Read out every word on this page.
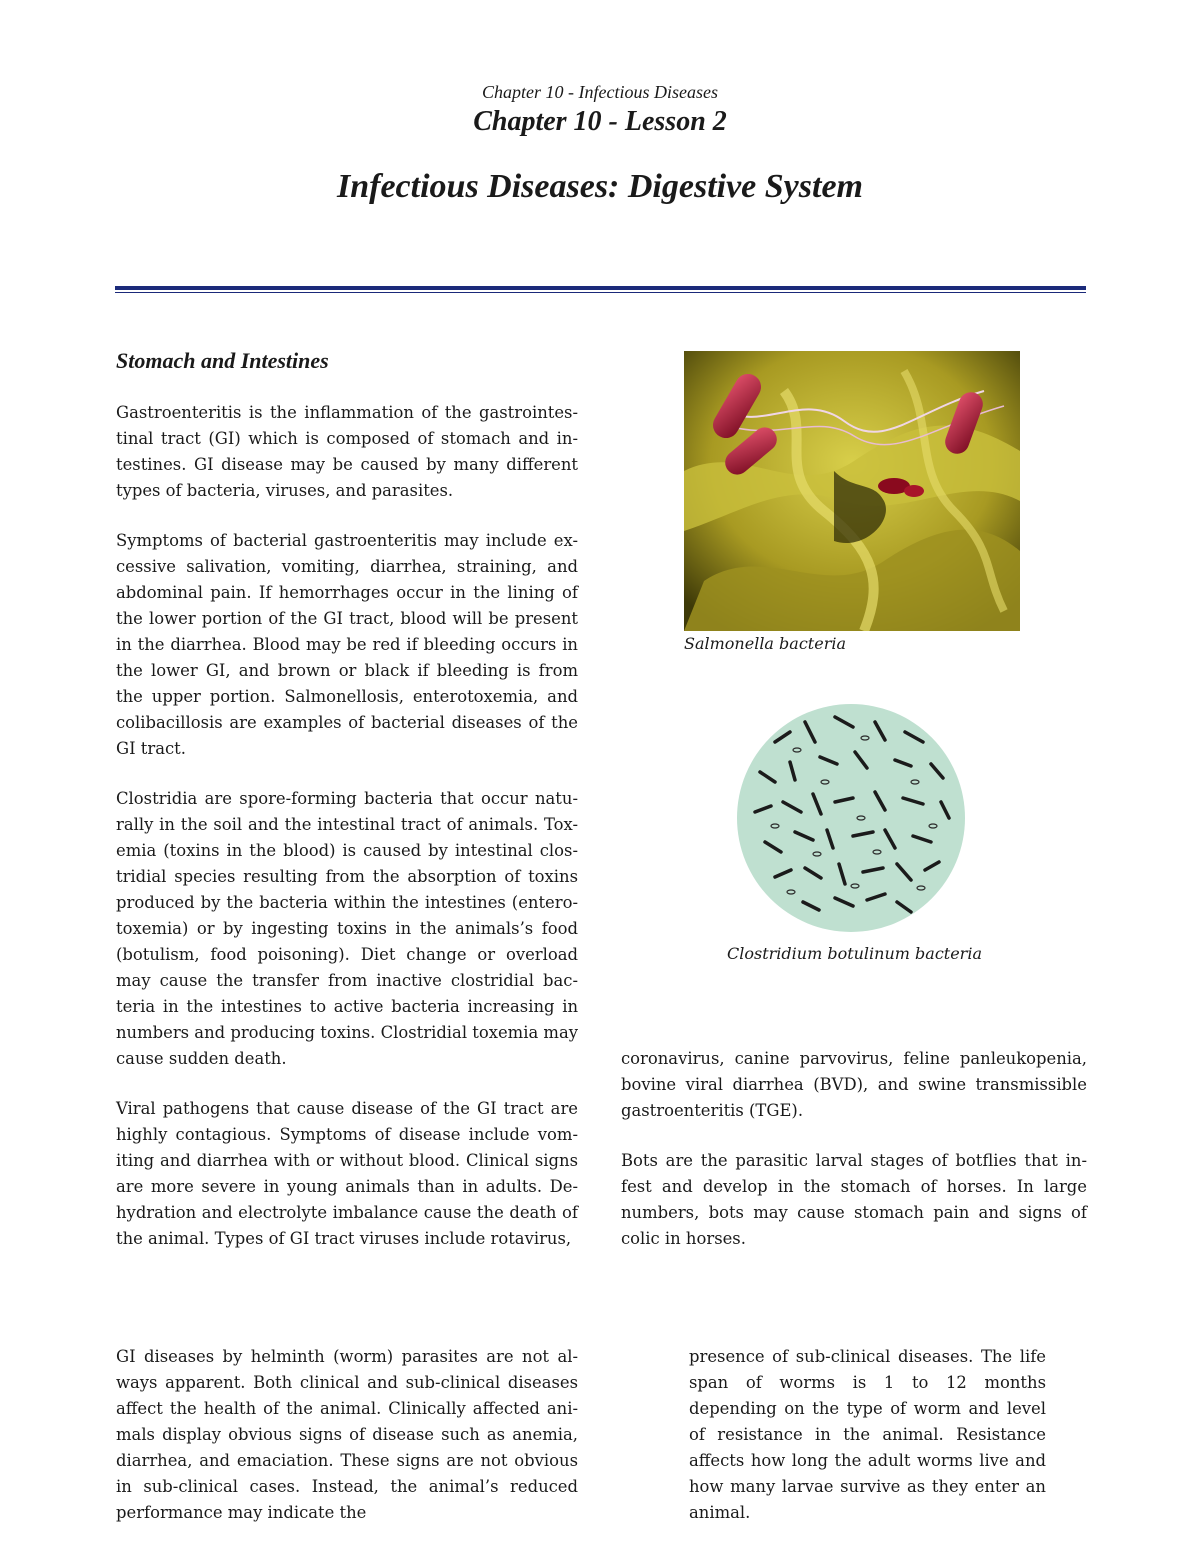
Chapter 10 - Infectious Diseases
Chapter 10 - Lesson 2
Infectious Diseases: Digestive System
Stomach and Intestines

Gastroenteritis is the inflammation of the gastrointes-tinal tract (GI) which is composed of stomach and in-testines. GI disease may be caused by many different types of bacteria, viruses, and parasites.

Symptoms of bacterial gastroenteritis may include ex-cessive salivation, vomiting, diarrhea, straining, and abdominal pain. If hemorrhages occur in the lining of the lower portion of the GI tract, blood will be present in the diarrhea. Blood may be red if bleeding occurs in the lower GI, and brown or black if bleeding is from the upper portion. Salmonellosis, enterotoxemia, and colibacillosis are examples of bacterial diseases of the GI tract.

Clostridia are spore-forming bacteria that occur natu-rally in the soil and the intestinal tract of animals. Tox-emia (toxins in the blood) is caused by intestinal clos-tridial species resulting from the absorption of toxins produced by the bacteria within the intestines (entero-toxemia) or by ingesting toxins in the animals’s food (botulism, food poisoning). Diet change or overload may cause the transfer from inactive clostridial bac-teria in the intestines to active bacteria increasing in numbers and producing toxins. Clostridial toxemia may cause sudden death.

Viral pathogens that cause disease of the GI tract are highly contagious. Symptoms of disease include vom-iting and diarrhea with or without blood. Clinical signs are more severe in young animals than in adults. De-hydration and electrolyte imbalance cause the death of the animal. Types of GI tract viruses include rotavirus,

Salmonella bacteria
Clostridium botulinum bacteria

coronavirus, canine parvovirus, feline panleukopenia, bovine viral diarrhea (BVD), and swine transmissible gastroenteritis (TGE).

Bots are the parasitic larval stages of botflies that in-fest and develop in the stomach of horses. In large numbers, bots may cause stomach pain and signs of colic in horses.

GI diseases by helminth (worm) parasites are not al-ways apparent. Both clinical and sub-clinical diseases affect the health of the animal. Clinically affected ani-mals display obvious signs of disease such as anemia, diarrhea, and emaciation. These signs are not obvious in sub-clinical cases. Instead, the animal’s reduced performance may indicate the

presence of sub-clinical diseases. The life span of worms is 1 to 12 months depending on the type of worm and level of resistance in the animal. Resistance affects how long the adult worms live and how many larvae survive as they enter an animal.
